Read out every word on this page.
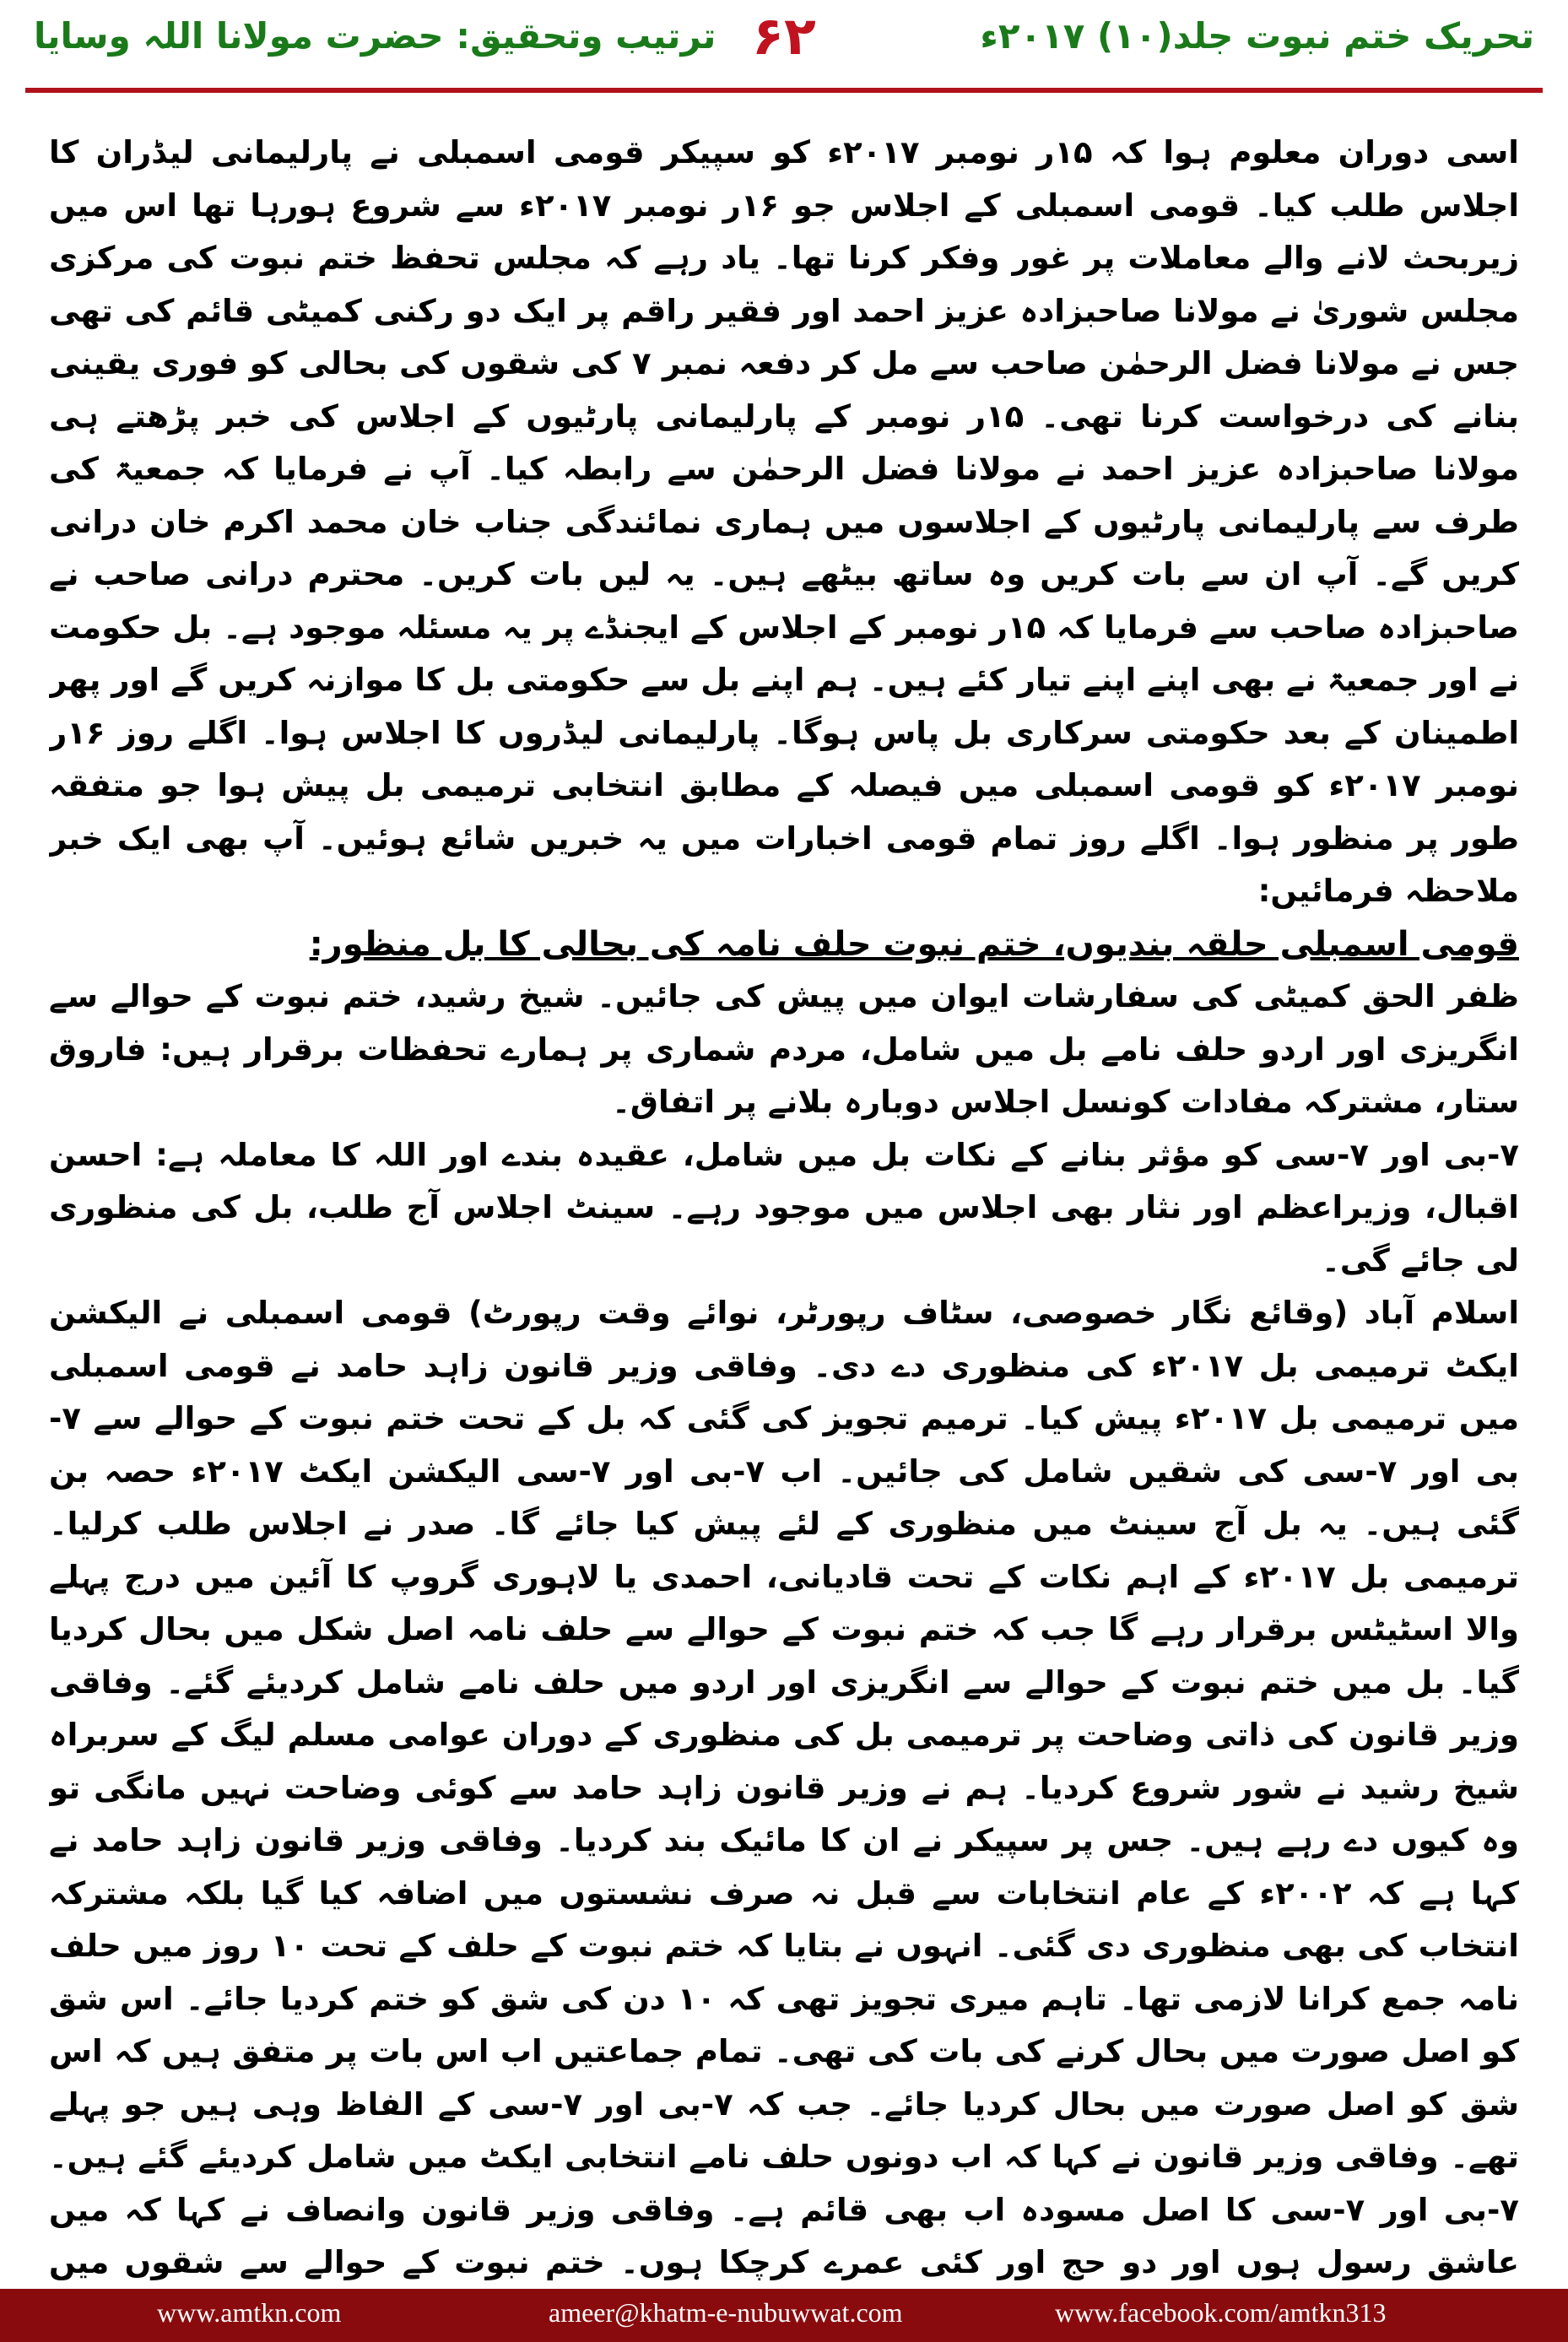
تحریک ختم نبوت جلد(۱۰) ۲۰۱۷ء
۶۲
ترتیب وتحقیق: حضرت مولانا اللہ وسایا

اسی دوران معلوم ہوا کہ ۱۵ر نومبر ۲۰۱۷ء کو سپیکر قومی اسمبلی نے پارلیمانی لیڈران کا اجلاس طلب کیا۔ قومی اسمبلی کے اجلاس جو ۱۶ر نومبر ۲۰۱۷ء سے شروع ہورہا تھا اس میں زیربحث لانے والے معاملات پر غور وفکر کرنا تھا۔ یاد رہے کہ مجلس تحفظ ختم نبوت کی مرکزی مجلس شوریٰ نے مولانا صاحبزادہ عزیز احمد اور فقیر راقم پر ایک دو رکنی کمیٹی قائم کی تھی جس نے مولانا فضل الرحمٰن صاحب سے مل کر دفعہ نمبر ۷ کی شقوں کی بحالی کو فوری یقینی بنانے کی درخواست کرنا تھی۔ ۱۵ر نومبر کے پارلیمانی پارٹیوں کے اجلاس کی خبر پڑھتے ہی مولانا صاحبزادہ عزیز احمد نے مولانا فضل الرحمٰن سے رابطہ کیا۔ آپ نے فرمایا کہ جمعیۃ کی طرف سے پارلیمانی پارٹیوں کے اجلاسوں میں ہماری نمائندگی جناب خان محمد اکرم خان درانی کریں گے۔ آپ ان سے بات کریں وہ ساتھ بیٹھے ہیں۔ یہ لیں بات کریں۔ محترم درانی صاحب نے صاحبزادہ صاحب سے فرمایا کہ ۱۵ر نومبر کے اجلاس کے ایجنڈے پر یہ مسئلہ موجود ہے۔ بل حکومت نے اور جمعیۃ نے بھی اپنے اپنے تیار کئے ہیں۔ ہم اپنے بل سے حکومتی بل کا موازنہ کریں گے اور پھر اطمینان کے بعد حکومتی سرکاری بل پاس ہوگا۔ پارلیمانی لیڈروں کا اجلاس ہوا۔ اگلے روز ۱۶ر نومبر ۲۰۱۷ء کو قومی اسمبلی میں فیصلہ کے مطابق انتخابی ترمیمی بل پیش ہوا جو متفقہ طور پر منظور ہوا۔ اگلے روز تمام قومی اخبارات میں یہ خبریں شائع ہوئیں۔ آپ بھی ایک خبر ملاحظہ فرمائیں:

قومی اسمبلی حلقہ بندیوں، ختم نبوت حلف نامہ کی بحالی کا بل منظور:

ظفر الحق کمیٹی کی سفارشات ایوان میں پیش کی جائیں۔ شیخ رشید، ختم نبوت کے حوالے سے انگریزی اور اردو حلف نامے بل میں شامل، مردم شماری پر ہمارے تحفظات برقرار ہیں: فاروق ستار، مشترکہ مفادات کونسل اجلاس دوبارہ بلانے پر اتفاق۔

۷-بی اور ۷-سی کو مؤثر بنانے کے نکات بل میں شامل، عقیدہ بندے اور اللہ کا معاملہ ہے: احسن اقبال، وزیراعظم اور نثار بھی اجلاس میں موجود رہے۔ سینٹ اجلاس آج طلب، بل کی منظوری لی جائے گی۔

اسلام آباد (وقائع نگار خصوصی، سٹاف رپورٹر، نوائے وقت رپورٹ) قومی اسمبلی نے الیکشن ایکٹ ترمیمی بل ۲۰۱۷ء کی منظوری دے دی۔ وفاقی وزیر قانون زاہد حامد نے قومی اسمبلی میں ترمیمی بل ۲۰۱۷ء پیش کیا۔ ترمیم تجویز کی گئی کہ بل کے تحت ختم نبوت کے حوالے سے ۷-بی اور ۷-سی کی شقیں شامل کی جائیں۔ اب ۷-بی اور ۷-سی الیکشن ایکٹ ۲۰۱۷ء حصہ بن گئی ہیں۔ یہ بل آج سینٹ میں منظوری کے لئے پیش کیا جائے گا۔ صدر نے اجلاس طلب کرلیا۔ ترمیمی بل ۲۰۱۷ء کے اہم نکات کے تحت قادیانی، احمدی یا لاہوری گروپ کا آئین میں درج پہلے والا اسٹیٹس برقرار رہے گا جب کہ ختم نبوت کے حوالے سے حلف نامہ اصل شکل میں بحال کردیا گیا۔ بل میں ختم نبوت کے حوالے سے انگریزی اور اردو میں حلف نامے شامل کردیئے گئے۔ وفاقی وزیر قانون کی ذاتی وضاحت پر ترمیمی بل کی منظوری کے دوران عوامی مسلم لیگ کے سربراہ شیخ رشید نے شور شروع کردیا۔ ہم نے وزیر قانون زاہد حامد سے کوئی وضاحت نہیں مانگی تو وہ کیوں دے رہے ہیں۔ جس پر سپیکر نے ان کا مائیک بند کردیا۔ وفاقی وزیر قانون زاہد حامد نے کہا ہے کہ ۲۰۰۲ء کے عام انتخابات سے قبل نہ صرف نشستوں میں اضافہ کیا گیا بلکہ مشترکہ انتخاب کی بھی منظوری دی گئی۔ انہوں نے بتایا کہ ختم نبوت کے حلف کے تحت ۱۰ روز میں حلف نامہ جمع کرانا لازمی تھا۔ تاہم میری تجویز تھی کہ ۱۰ دن کی شق کو ختم کردیا جائے۔ اس شق کو اصل صورت میں بحال کرنے کی بات کی تھی۔ تمام جماعتیں اب اس بات پر متفق ہیں کہ اس شق کو اصل صورت میں بحال کردیا جائے۔ جب کہ ۷-بی اور ۷-سی کے الفاظ وہی ہیں جو پہلے تھے۔ وفاقی وزیر قانون نے کہا کہ اب دونوں حلف نامے انتخابی ایکٹ میں شامل کردیئے گئے ہیں۔ ۷-بی اور ۷-سی کا اصل مسودہ اب بھی قائم ہے۔ وفاقی وزیر قانون وانصاف نے کہا کہ میں عاشق رسول ہوں اور دو حج اور کئی عمرے کرچکا ہوں۔ ختم نبوت کے حوالے سے شقوں میں

www.amtkn.com	ameer@khatm-e-nubuwwat.com	www.facebook.com/amtkn313
